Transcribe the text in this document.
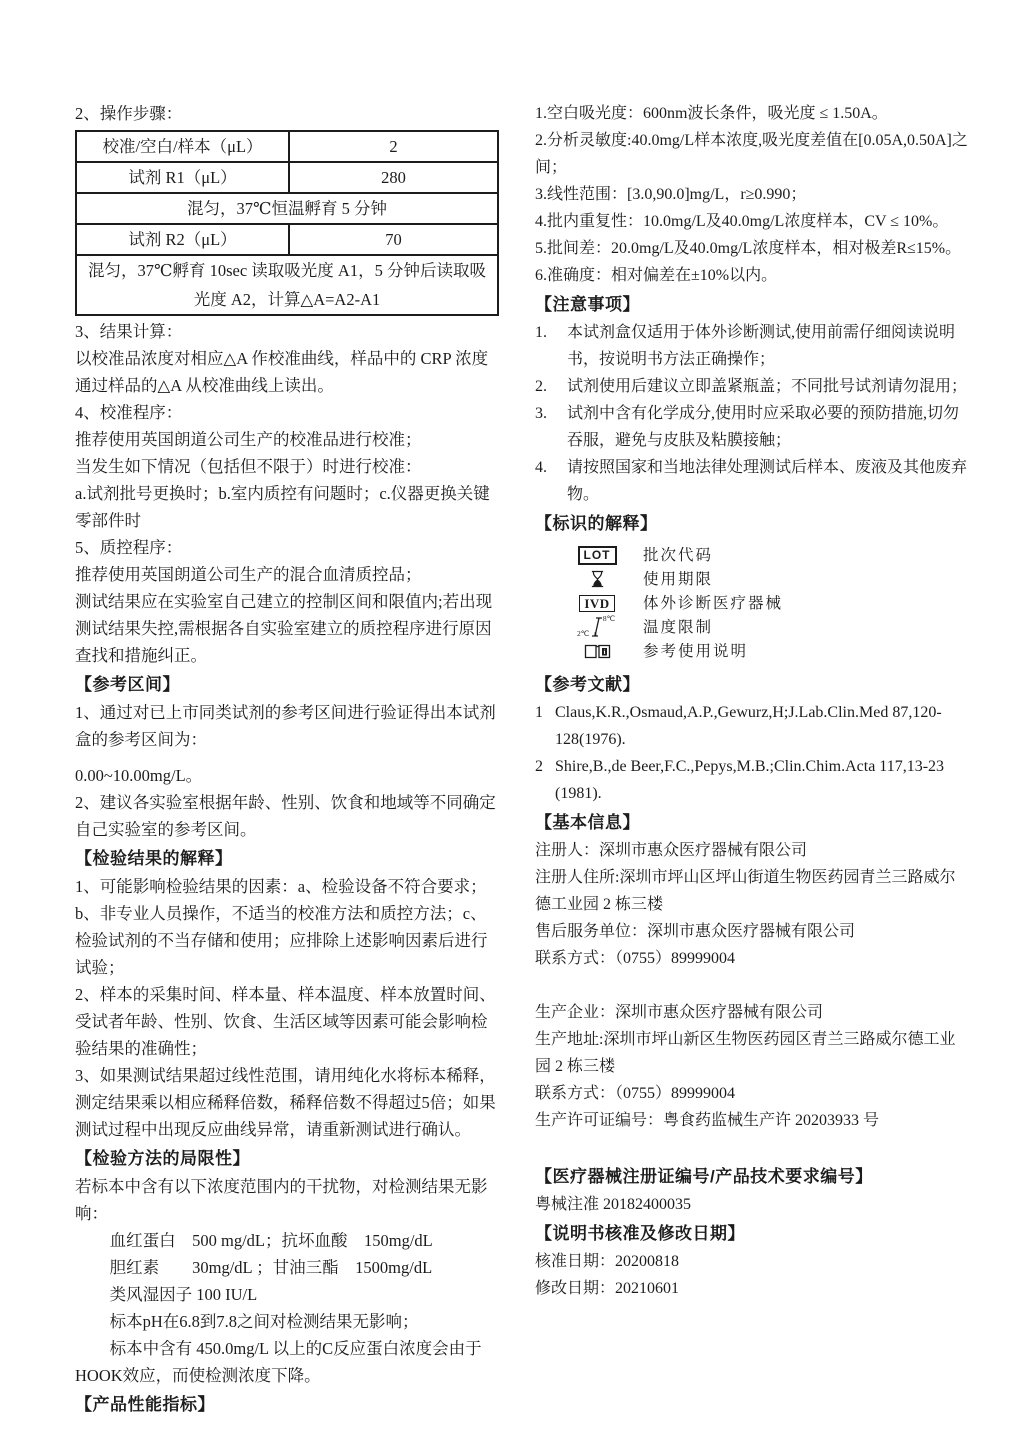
2、操作步骤：

校准/空白/样本（μL）	2
试剂 R1（μL）	280
混匀，37℃恒温孵育 5 分钟
试剂 R2（μL）	70
混匀，37℃孵育 10sec 读取吸光度 A1，5 分钟后读取吸光度 A2，计算△A=A2-A1

3、结果计算：

以校准品浓度对相应△A 作校准曲线，样品中的 CRP 浓度通过样品的△A 从校准曲线上读出。

4、校准程序：

推荐使用英国朗道公司生产的校准品进行校准；

当发生如下情况（包括但不限于）时进行校准：

a.试剂批号更换时；b.室内质控有问题时；c.仪器更换关键零部件时

5、质控程序：

推荐使用英国朗道公司生产的混合血清质控品；

测试结果应在实验室自己建立的控制区间和限值内;若出现测试结果失控,需根据各自实验室建立的质控程序进行原因查找和措施纠正。

【参考区间】

1、通过对已上市同类试剂的参考区间进行验证得出本试剂盒的参考区间为：

0.00~10.00mg/L。

2、建议各实验室根据年龄、性别、饮食和地域等不同确定自己实验室的参考区间。

【检验结果的解释】

1、可能影响检验结果的因素：a、检验设备不符合要求；b、非专业人员操作，不适当的校准方法和质控方法；c、检验试剂的不当存储和使用；应排除上述影响因素后进行试验；

2、样本的采集时间、样本量、样本温度、样本放置时间、受试者年龄、性别、饮食、生活区域等因素可能会影响检验结果的准确性；

3、如果测试结果超过线性范围，请用纯化水将标本稀释，测定结果乘以相应稀释倍数，稀释倍数不得超过5倍；如果测试过程中出现反应曲线异常，请重新测试进行确认。

【检验方法的局限性】

若标本中含有以下浓度范围内的干扰物，对检测结果无影响：

血红蛋白　500 mg/dL；抗坏血酸　150mg/dL

胆红素　　30mg/dL ；甘油三酯　1500mg/dL

类风湿因子 100 IU/L

标本pH在6.8到7.8之间对检测结果无影响；

标本中含有 450.0mg/L 以上的C反应蛋白浓度会由于HOOK效应，而使检测浓度下降。

【产品性能指标】

1.空白吸光度：600nm波长条件，吸光度 ≤ 1.50A。

2.分析灵敏度:40.0mg/L样本浓度,吸光度差值在[0.05A,0.50A]之间；

3.线性范围：[3.0,90.0]mg/L，r≥0.990；

4.批内重复性：10.0mg/L及40.0mg/L浓度样本，CV ≤ 10%。

5.批间差：20.0mg/L及40.0mg/L浓度样本，相对极差R≤15%。

6.准确度：相对偏差在±10%以内。

【注意事项】

1.	本试剂盒仅适用于体外诊断测试,使用前需仔细阅读说明书，按说明书方法正确操作；
2.	试剂使用后建议立即盖紧瓶盖；不同批号试剂请勿混用；
3.	试剂中含有化学成分,使用时应采取必要的预防措施,切勿吞服，避免与皮肤及粘膜接触；
4.	请按照国家和当地法律处理测试后样本、废液及其他废弃物。

【标识的解释】

LOT	批次代码
使用期限
IVD	体外诊断医疗器械
2℃
8℃ 温度限制
i 参考使用说明

【参考文献】

1 Claus,K.R.,Osmaud,A.P.,Gewurz,H;J.Lab.Clin.Med 87,120-128(1976).
2 Shire,B.,de Beer,F.C.,Pepys,M.B.;Clin.Chim.Acta 117,13-23 (1981).

【基本信息】

注册人：深圳市惠众医疗器械有限公司

注册人住所:深圳市坪山区坪山街道生物医药园青兰三路威尔德工业园 2 栋三楼

售后服务单位：深圳市惠众医疗器械有限公司

联系方式：（0755）89999004

生产企业：深圳市惠众医疗器械有限公司

生产地址:深圳市坪山新区生物医药园区青兰三路威尔德工业园 2 栋三楼

联系方式：（0755）89999004

生产许可证编号：粤食药监械生产许 20203933 号

【医疗器械注册证编号/产品技术要求编号】

粤械注准 20182400035

【说明书核准及修改日期】

核准日期：20200818

修改日期：20210601
